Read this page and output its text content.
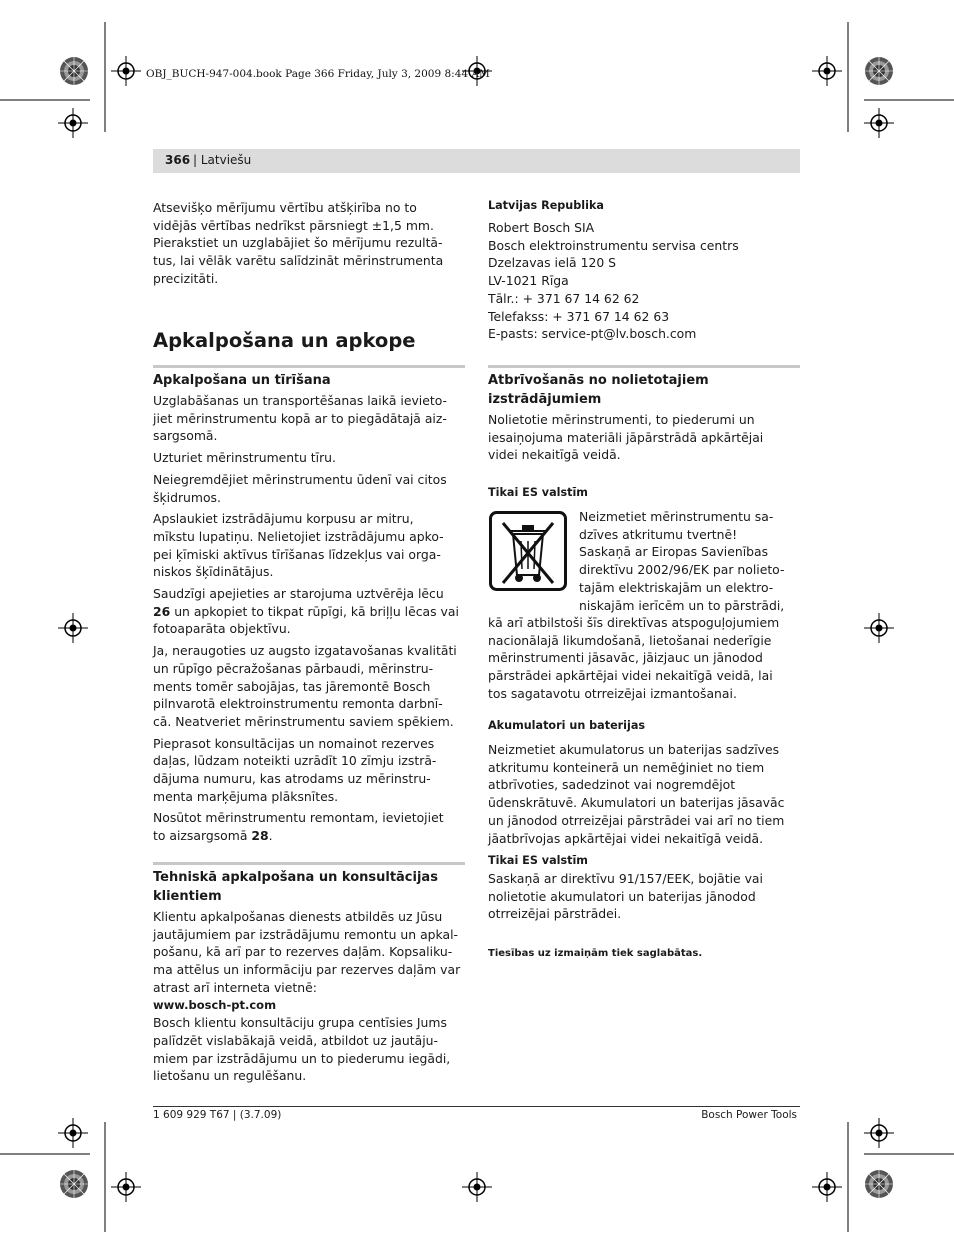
OBJ_BUCH-947-004.book Page 366 Friday, July 3, 2009 8:44 AM
366 | Latviešu
Atsevišķo mērījumu vērtību atšķirība no to
vidējās vērtības nedrīkst pārsniegt ±1,5 mm.
Pierakstiet un uzglabājiet šo mērījumu rezultā-
tus, lai vēlāk varētu salīdzināt mērinstrumenta
precizitāti.
Apkalpošana un apkope
Apkalpošana un tīrīšana

Uzglabāšanas un transportēšanas laikā ievieto-
jiet mērinstrumentu kopā ar to piegādātajā aiz-
sargsomā.

Uzturiet mērinstrumentu tīru.

Neiegremdējiet mērinstrumentu ūdenī vai citos
šķidrumos.

Apslaukiet izstrādājumu korpusu ar mitru,
mīkstu lupatiņu. Nelietojiet izstrādājumu apko-
pei ķīmiski aktīvus tīrīšanas līdzekļus vai orga-
niskos šķīdinātājus.

Saudzīgi apejieties ar starojuma uztvērēja lēcu
26 un apkopiet to tikpat rūpīgi, kā briļļu lēcas vai
fotoaparāta objektīvu.

Ja, neraugoties uz augsto izgatavošanas kvalitāti
un rūpīgo pēcražošanas pārbaudi, mērinstru-
ments tomēr sabojājas, tas jāremontē Bosch
pilnvarotā elektroinstrumentu remonta darbnī-
cā. Neatveriet mērinstrumentu saviem spēkiem.

Pieprasot konsultācijas un nomainot rezerves
daļas, lūdzam noteikti uzrādīt 10 zīmju izstrā-
dājuma numuru, kas atrodams uz mērinstru-
menta marķējuma plāksnītes.

Nosūtot mērinstrumentu remontam, ievietojiet
to aizsargsomā 28.

Tehniskā apkalpošana un konsultācijas
klientiem
Klientu apkalpošanas dienests atbildēs uz Jūsu
jautājumiem par izstrādājumu remontu un apkal-
pošanu, kā arī par to rezerves daļām. Kopsaliku-
ma attēlus un informāciju par rezerves daļām var
atrast arī interneta vietnē:
www.bosch-pt.com
Bosch klientu konsultāciju grupa centīsies Jums
palīdzēt vislabākajā veidā, atbildot uz jautāju-
miem par izstrādājumu un to piederumu iegādi,
lietošanu un regulēšanu.
Latvijas Republika
Robert Bosch SIA
Bosch elektroinstrumentu servisa centrs
Dzelzavas ielā 120 S
LV-1021 Rīga
Tālr.: + 371 67 14 62 62
Telefakss: + 371 67 14 62 63
E-pasts: service-pt@lv.bosch.com
Atbrīvošanās no nolietotajiem
izstrādājumiem
Nolietotie mērinstrumenti, to piederumi un
iesaiņojuma materiāli jāpārstrādā apkārtējai
videi nekaitīgā veidā.
Tikai ES valstīm
Neizmetiet mērinstrumentu sa-
dzīves atkritumu tvertnē!
Saskaņā ar Eiropas Savienības
direktīvu 2002/96/EK par nolieto-
tajām elektriskajām un elektro-
niskajām ierīcēm un to pārstrādi,
kā arī atbilstoši šīs direktīvas atspoguļojumiem
nacionālajā likumdošanā, lietošanai nederīgie
mērinstrumenti jāsavāc, jāizjauc un jānodod
pārstrādei apkārtējai videi nekaitīgā veidā, lai
tos sagatavotu otrreizējai izmantošanai.
Akumulatori un baterijas
Neizmetiet akumulatorus un baterijas sadzīves
atkritumu konteinerā un nemēģiniet no tiem
atbrīvoties, sadedzinot vai nogremdējot
ūdenskrātuvē. Akumulatori un baterijas jāsavāc
un jānodod otrreizējai pārstrādei vai arī no tiem
jāatbrīvojas apkārtējai videi nekaitīgā veidā.
Tikai ES valstīm
Saskaņā ar direktīvu 91/157/EEK, bojātie vai
nolietotie akumulatori un baterijas jānodod
otrreizējai pārstrādei.
Tiesības uz izmaiņām tiek saglabātas.
1 609 929 T67 | (3.7.09)	Bosch Power Tools
